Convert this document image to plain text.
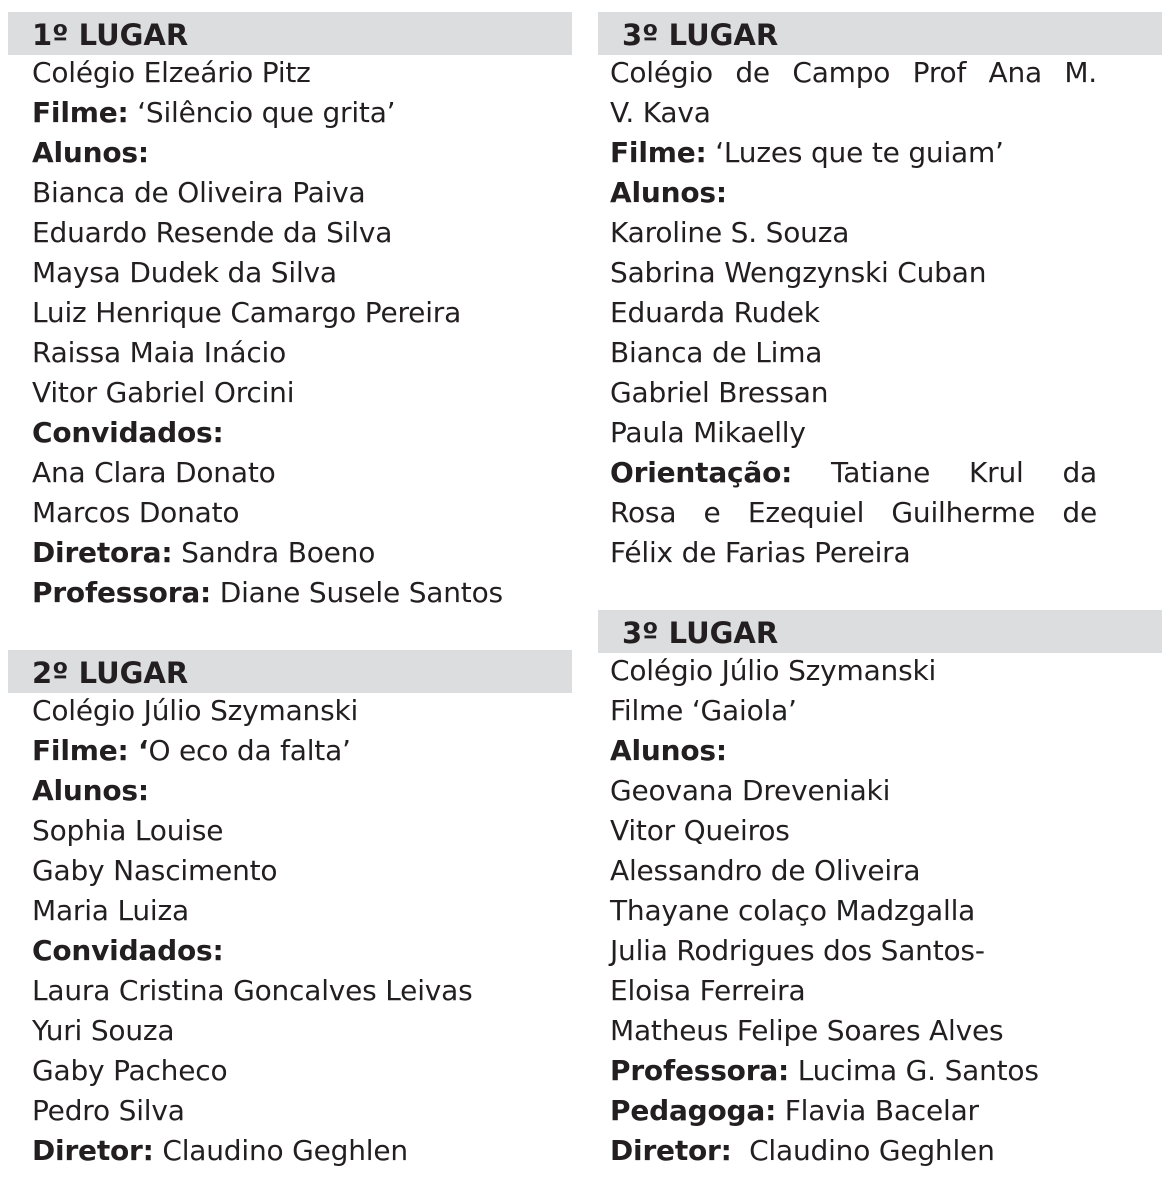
1º LUGAR
Colégio Elzeário Pitz
Filme: ‘Silêncio que grita’
Alunos:
Bianca de Oliveira Paiva
Eduardo Resende da Silva
Maysa Dudek da Silva
Luiz Henrique Camargo Pereira
Raissa Maia Inácio
Vitor Gabriel Orcini
Convidados:
Ana Clara Donato
Marcos Donato
Diretora: Sandra Boeno
Professora: Diane Susele Santos
2º LUGAR
Colégio Júlio Szymanski
Filme: ‘O eco da falta’
Alunos:
Sophia Louise
Gaby Nascimento
Maria Luiza
Convidados:
Laura Cristina Goncalves Leivas
Yuri Souza
Gaby Pacheco
Pedro Silva
Diretor: Claudino Geghlen
3º LUGAR
Colégio de Campo Prof Ana M.
V. Kava
Filme: ‘Luzes que te guiam’
Alunos:
Karoline S. Souza
Sabrina Wengzynski Cuban
Eduarda Rudek
Bianca de Lima
Gabriel Bressan
Paula Mikaelly
Orientação: Tatiane Krul da
Rosa e Ezequiel Guilherme de
Félix de Farias Pereira
3º LUGAR
Colégio Júlio Szymanski
Filme ‘Gaiola’
Alunos:
Geovana Dreveniaki
Vitor Queiros
Alessandro de Oliveira
Thayane colaço Madzgalla
Julia Rodrigues dos Santos-
Eloisa Ferreira
Matheus Felipe Soares Alves
Professora: Lucima G. Santos
Pedagoga: Flavia Bacelar
Diretor:  Claudino Geghlen
